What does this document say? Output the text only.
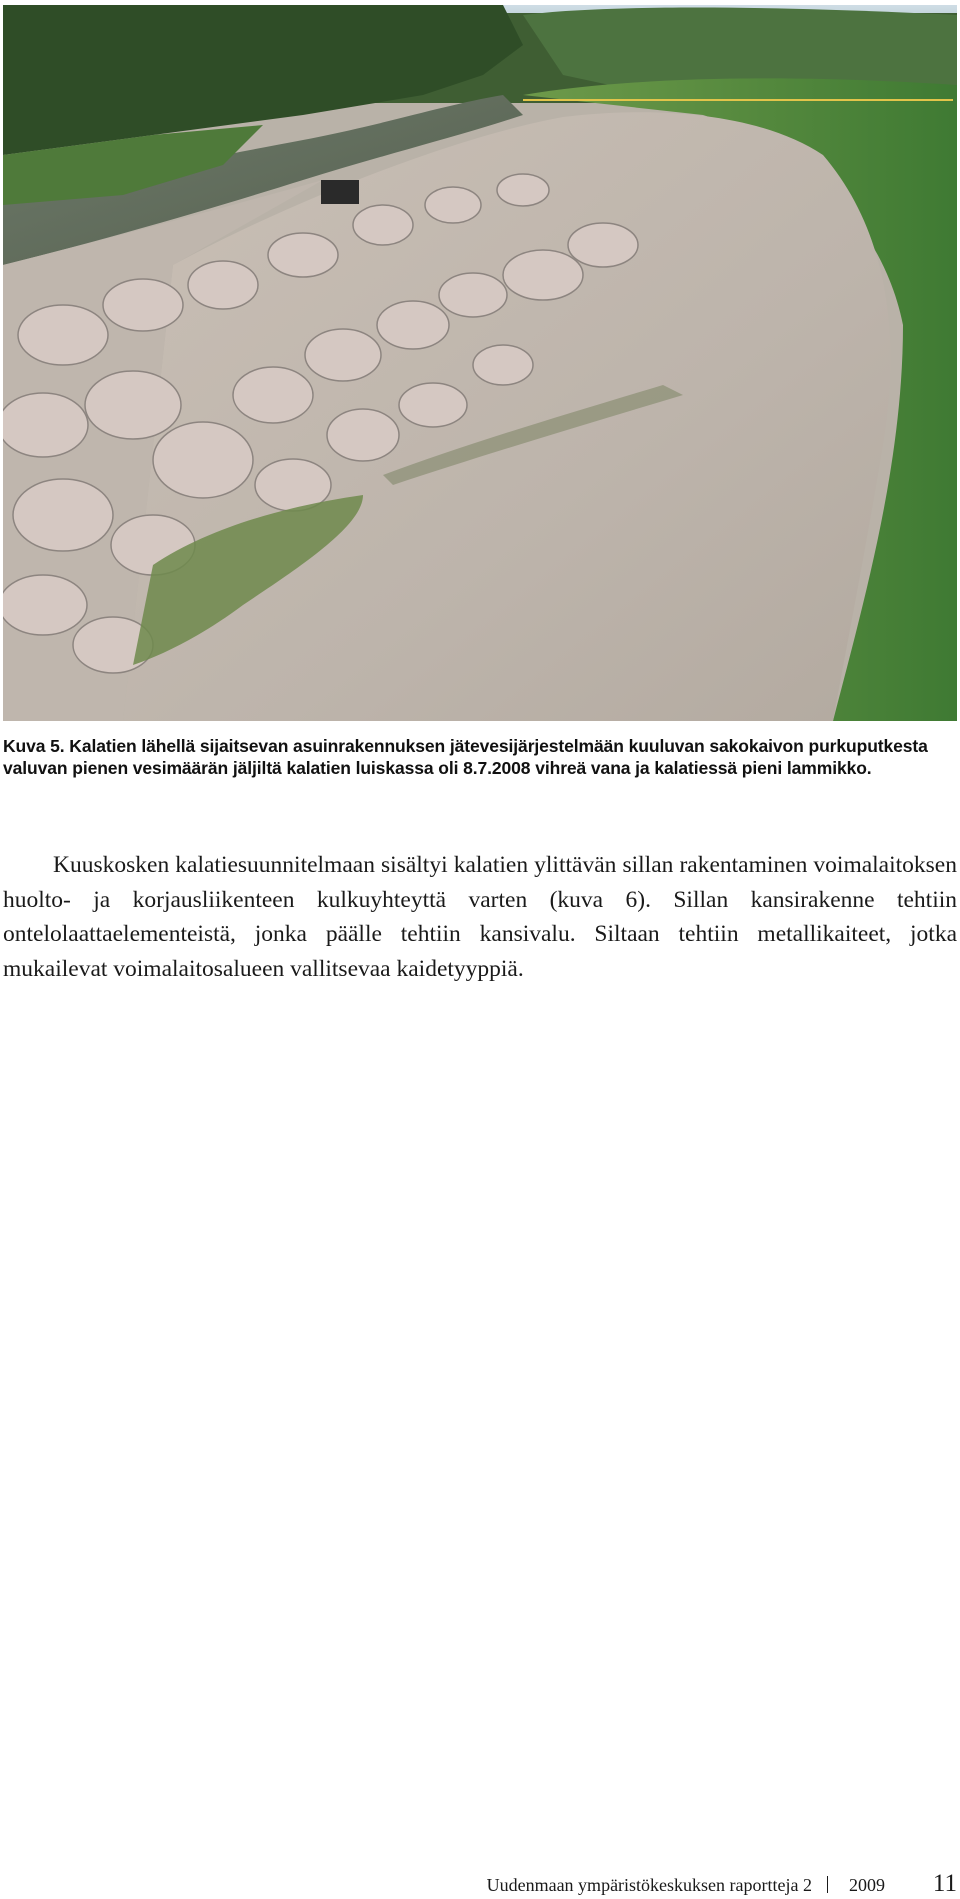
Kuva 5. Kalatien lähellä sijaitsevan asuinrakennuksen jätevesijärjestelmään kuuluvan sakokaivon purkuputkesta valuvan pienen vesimäärän jäljiltä kalatien luiskassa oli 8.7.2008 vihreä vana ja kalatiessä pieni lammikko.

Kuuskosken kalatiesuunnitelmaan sisältyi kalatien ylittävän sillan rakentaminen voimalaitoksen huolto- ja korjausliikenteen kulkuyhteyttä varten (kuva 6). Sillan kansirakenne tehtiin ontelolaattaelementeistä, jonka päälle tehtiin kansivalu. Siltaan tehtiin metallikaiteet, jotka mukailevat voimalaitosalueen vallitsevaa kaidetyyppiä.

Uudenmaan ympäristökeskuksen raportteja 2 2009 11
